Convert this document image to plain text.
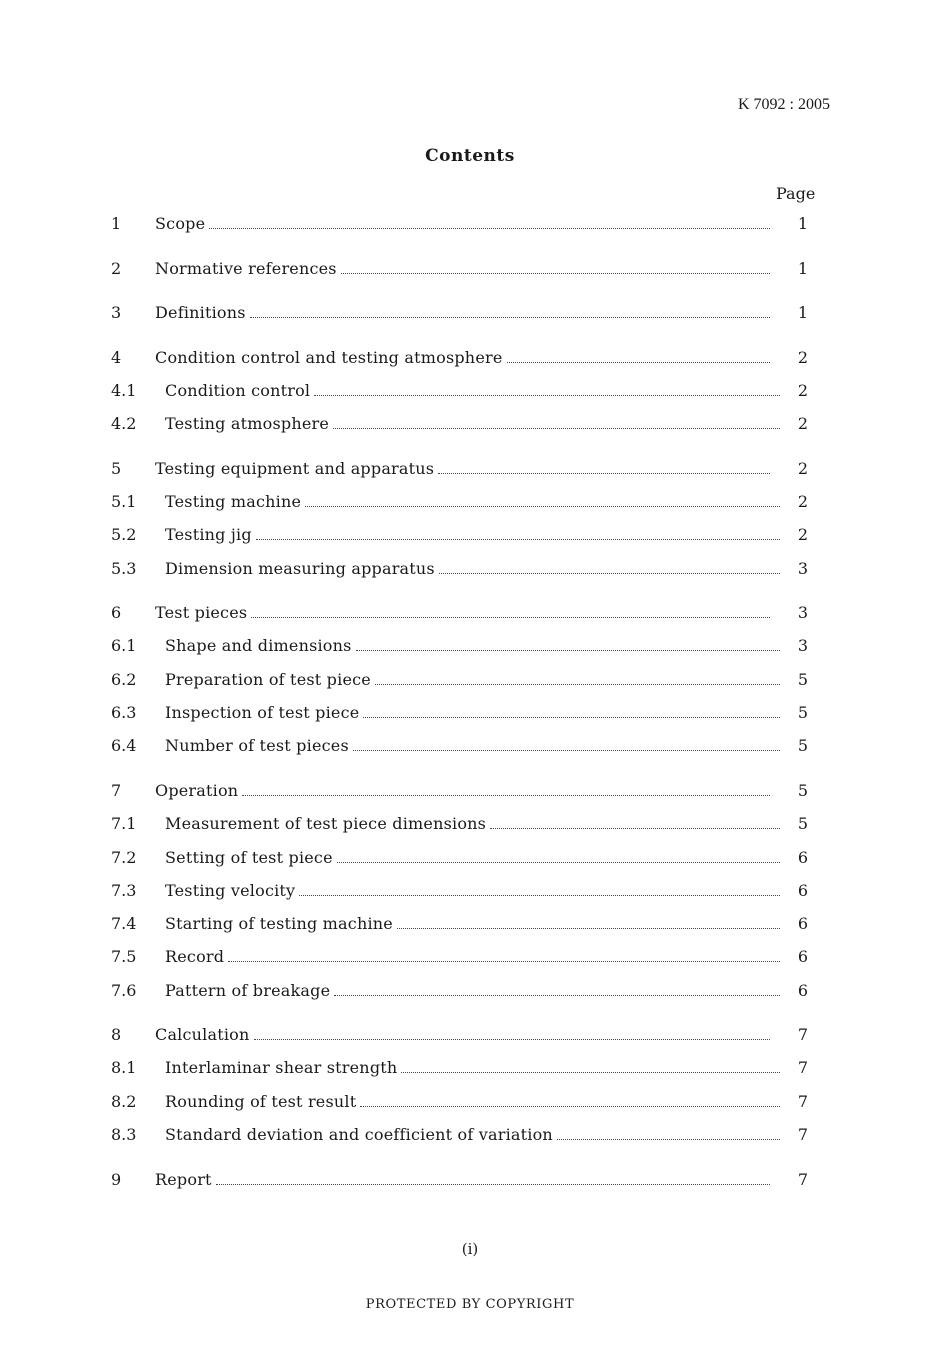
K 7092 : 2005
Contents
Page
1	Scope	1
2	Normative references	1
3	Definitions	1
4	Condition control and testing atmosphere	2
4.1	Condition control	2
4.2	Testing atmosphere	2
5	Testing equipment and apparatus	2
5.1	Testing machine	2
5.2	Testing jig	2
5.3	Dimension measuring apparatus	3
6	Test pieces	3
6.1	Shape and dimensions	3
6.2	Preparation of test piece	5
6.3	Inspection of test piece	5
6.4	Number of test pieces	5
7	Operation	5
7.1	Measurement of test piece dimensions	5
7.2	Setting of test piece	6
7.3	Testing velocity	6
7.4	Starting of testing machine	6
7.5	Record	6
7.6	Pattern of breakage	6
8	Calculation	7
8.1	Interlaminar shear strength	7
8.2	Rounding of test result	7
8.3	Standard deviation and coefficient of variation	7
9	Report	7
(i)
PROTECTED BY COPYRIGHT
